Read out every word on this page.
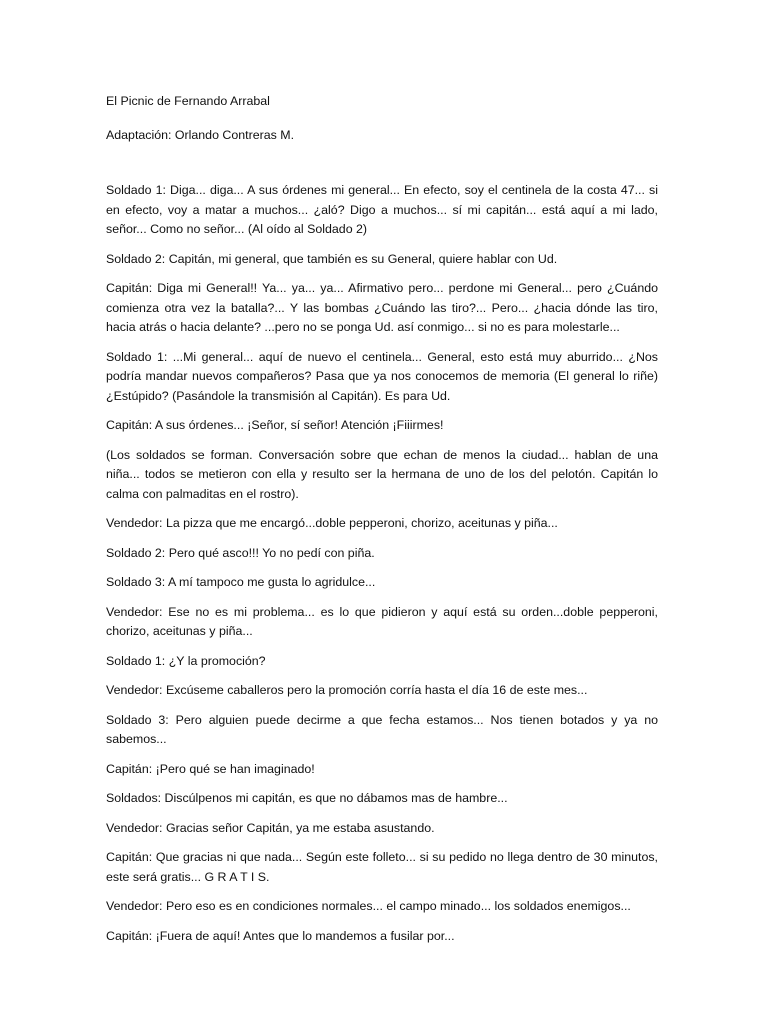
El Picnic de Fernando Arrabal

Adaptación: Orlando Contreras M.

Soldado 1: Diga... diga... A sus órdenes mi general... En efecto, soy el centinela de la costa 47... si en efecto, voy a matar a muchos... ¿aló? Digo a muchos... sí mi capitán... está aquí a mi lado, señor... Como no señor... (Al oído al Soldado 2)

Soldado 2: Capitán, mi general, que también es su General, quiere hablar con Ud.

Capitán: Diga mi General!! Ya... ya... ya... Afirmativo pero... perdone mi General... pero ¿Cuándo comienza otra vez la batalla?... Y las bombas ¿Cuándo las tiro?... Pero... ¿hacia dónde las tiro, hacia atrás o hacia delante? ...pero no se ponga Ud. así conmigo... si no es para molestarle...

Soldado 1: ...Mi general... aquí de nuevo el centinela... General, esto está muy aburrido... ¿Nos podría mandar nuevos compañeros? Pasa que ya nos conocemos de memoria (El general lo riñe) ¿Estúpido? (Pasándole la transmisión al Capitán). Es para Ud.

Capitán: A sus órdenes... ¡Señor, sí señor! Atención ¡Fiiirmes!

(Los soldados se forman. Conversación sobre que echan de menos la ciudad... hablan de una niña... todos se metieron con ella y resulto ser la hermana de uno de los del pelotón. Capitán lo calma con palmaditas en el rostro).

Vendedor: La pizza que me encargó...doble pepperoni, chorizo, aceitunas y piña...

Soldado 2: Pero qué asco!!! Yo no pedí con piña.

Soldado 3: A mí tampoco me gusta lo agridulce...

Vendedor: Ese no es mi problema... es lo que pidieron y aquí está su orden...doble pepperoni, chorizo, aceitunas y piña...

Soldado 1: ¿Y la promoción?

Vendedor: Excúseme caballeros pero la promoción corría hasta el día 16 de este mes...

Soldado 3: Pero alguien puede decirme a que fecha estamos... Nos tienen botados y ya no sabemos...

Capitán: ¡Pero qué se han imaginado!

Soldados: Discúlpenos mi capitán, es que no dábamos mas de hambre...

Vendedor: Gracias señor Capitán, ya me estaba asustando.

Capitán: Que gracias ni que nada... Según este folleto... si su pedido no llega dentro de 30 minutos, este será gratis... G R A T I S.

Vendedor: Pero eso es en condiciones normales... el campo minado... los soldados enemigos...

Capitán: ¡Fuera de aquí! Antes que lo mandemos a fusilar por...
